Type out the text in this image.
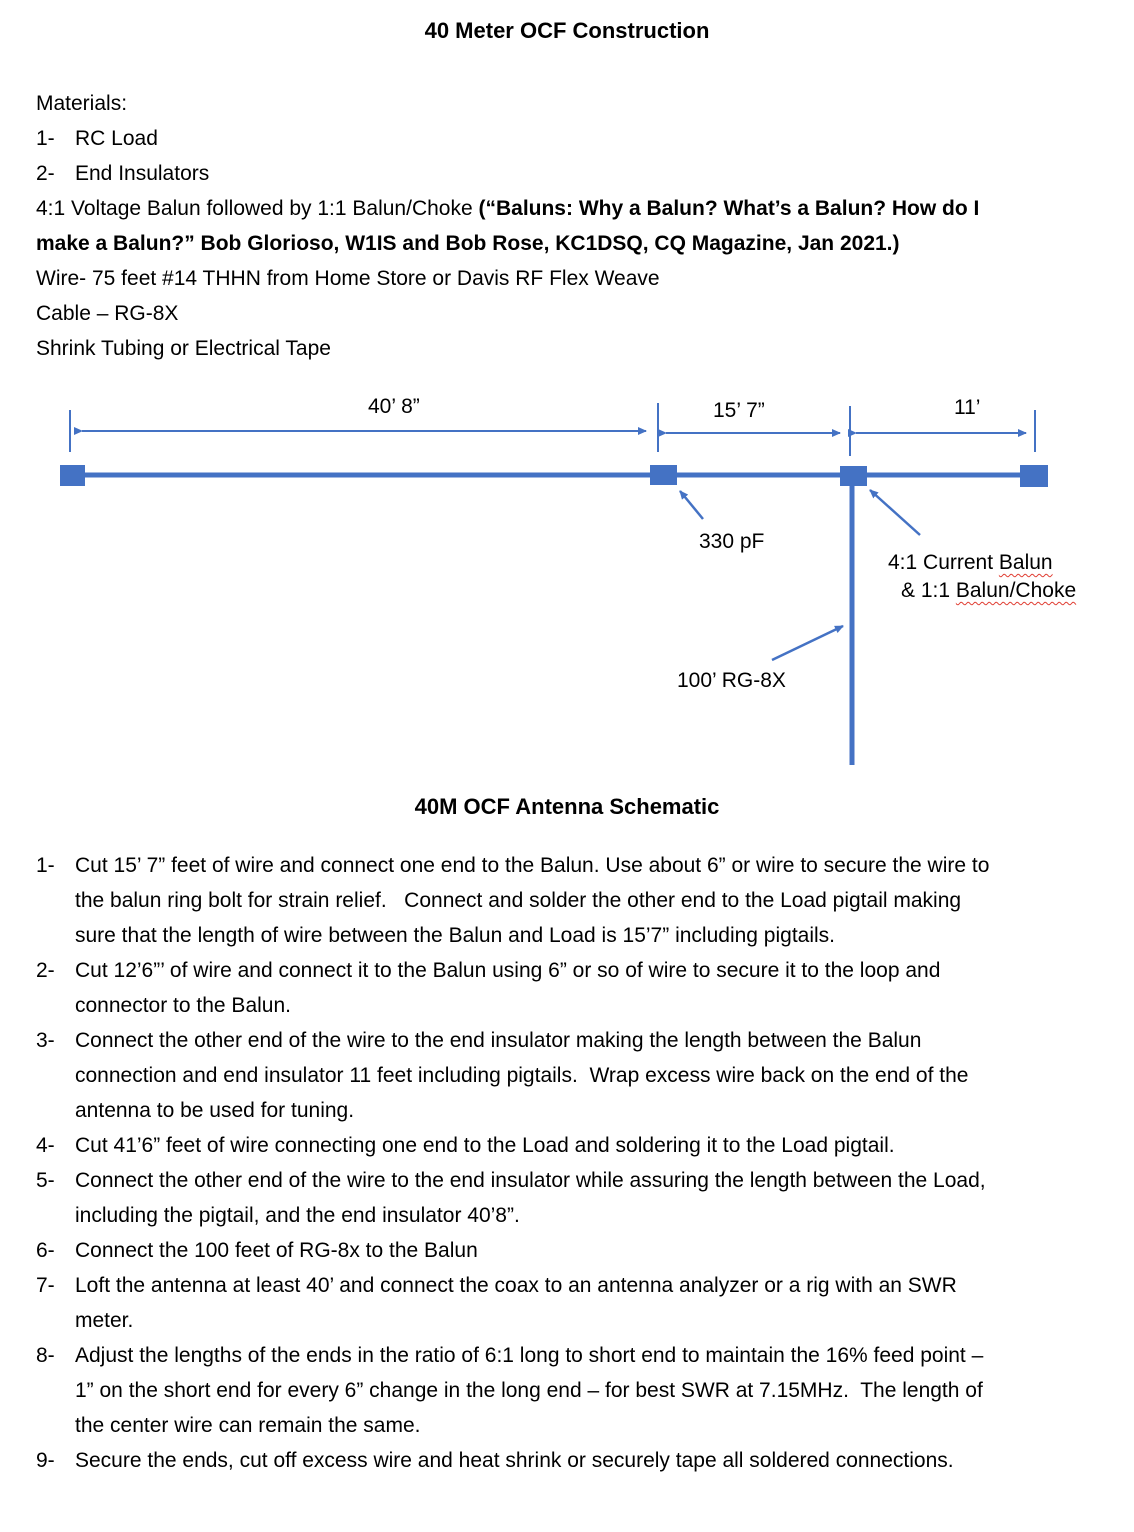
40 Meter OCF Construction
Materials:
1- RC Load
2- End Insulators
4:1 Voltage Balun followed by 1:1 Balun/Choke (“Baluns: Why a Balun? What’s a Balun? How do I
make a Balun?” Bob Glorioso, W1IS and Bob Rose, KC1DSQ, CQ Magazine, Jan 2021.)
Wire- 75 feet #14 THHN from Home Store or Davis RF Flex Weave
Cable – RG-8X
Shrink Tubing or Electrical Tape
40’ 8”	15’ 7”	11’
330 pF
4:1 Current Balun
& 1:1 Balun/Choke
100’ RG-8X
40M OCF Antenna Schematic
1- Cut 15’ 7” feet of wire and connect one end to the Balun. Use about 6” or wire to secure the wire to
the balun ring bolt for strain relief.   Connect and solder the other end to the Load pigtail making
sure that the length of wire between the Balun and Load is 15’7” including pigtails.
2- Cut 12’6”’ of wire and connect it to the Balun using 6” or so of wire to secure it to the loop and
connector to the Balun.
3- Connect the other end of the wire to the end insulator making the length between the Balun
connection and end insulator 11 feet including pigtails.  Wrap excess wire back on the end of the
antenna to be used for tuning.
4- Cut 41’6” feet of wire connecting one end to the Load and soldering it to the Load pigtail.
5- Connect the other end of the wire to the end insulator while assuring the length between the Load,
including the pigtail, and the end insulator 40’8”.
6- Connect the 100 feet of RG-8x to the Balun
7- Loft the antenna at least 40’ and connect the coax to an antenna analyzer or a rig with an SWR
meter.
8- Adjust the lengths of the ends in the ratio of 6:1 long to short end to maintain the 16% feed point –
1” on the short end for every 6” change in the long end – for best SWR at 7.15MHz.  The length of
the center wire can remain the same.
9- Secure the ends, cut off excess wire and heat shrink or securely tape all soldered connections.
